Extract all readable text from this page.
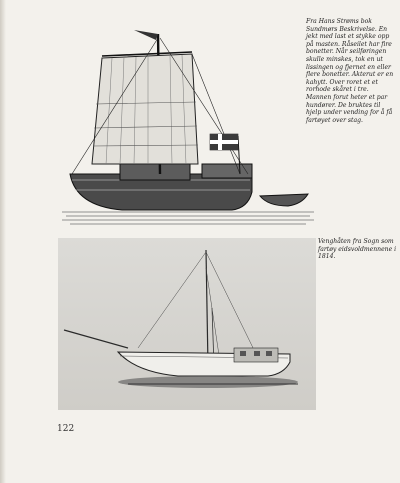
Fra Hans Strøms bok Sundmørs Beskrivelse. En jekt med last et stykke opp på masten. Råseilet har fire bonetter. Når seilføringen skulle minskes, tok en ut lissingen og fjernet en eller flere bonetter. Akterut er en kahytt. Over roret et et rorhode skåret i tre. Mannen forut heter et par hundører. De bruktes til hjelp under vending for å få fartøyet over stag.
Venghåten fra Sogn som fartøy eidsvoldmennene i 1814.
122
